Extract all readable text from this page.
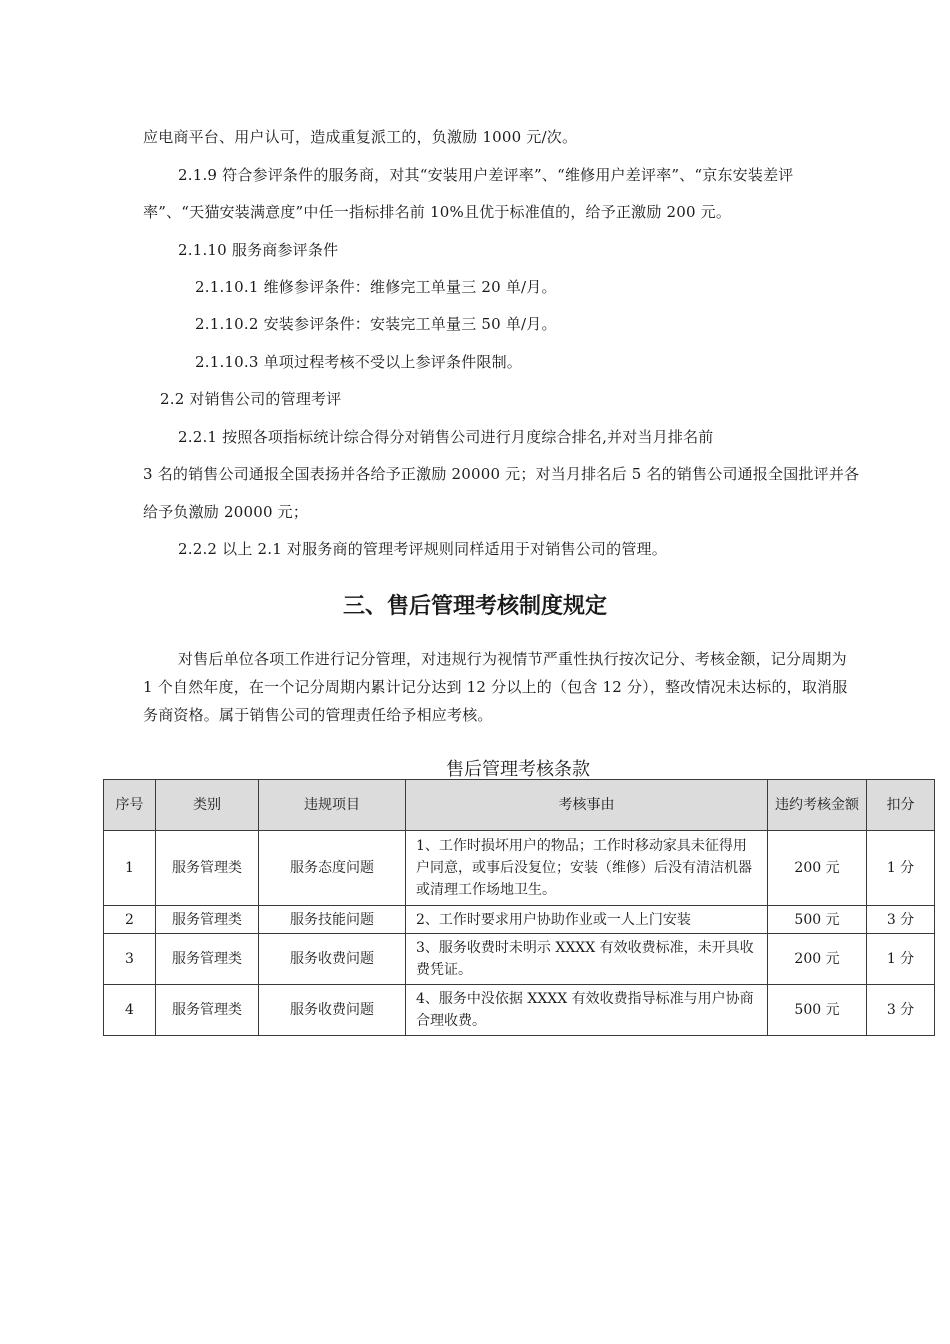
应电商平台、用户认可，造成重复派工的，负激励 1000 元/次。
2.1.9 符合参评条件的服务商，对其“安装用户差评率”、“维修用户差评率”、“京东安装差评
率”、“天猫安装满意度”中任一指标排名前 10%且优于标准值的，给予正激励 200 元。
2.1.10 服务商参评条件
2.1.10.1 维修参评条件：维修完工单量三 20 单/月。
2.1.10.2 安装参评条件：安装完工单量三 50 单/月。
2.1.10.3 单项过程考核不受以上参评条件限制。
2.2 对销售公司的管理考评
2.2.1 按照各项指标统计综合得分对销售公司进行月度综合排名,并对当月排名前
3 名的销售公司通报全国表扬并各给予正激励 20000 元；对当月排名后 5 名的销售公司通报全国批评并各
给予负激励 20000 元；
2.2.2 以上 2.1 对服务商的管理考评规则同样适用于对销售公司的管理。
三、售后管理考核制度规定
对售后单位各项工作进行记分管理，对违规行为视情节严重性执行按次记分、考核金额，记分周期为
1 个自然年度，在一个记分周期内累计记分达到 12 分以上的（包含 12 分），整改情况未达标的，取消服
务商资格。属于销售公司的管理责任给予相应考核。
售后管理考核条款
序号	类别	违规项目	考核事由	违约考核金额	扣分
1	服务管理类	服务态度问题	1、工作时损坏用户的物品；工作时移动家具未征得用户同意，或事后没复位；安装（维修）后没有清洁机器或清理工作场地卫生。	200 元	1 分
2	服务管理类	服务技能问题	2、工作时要求用户协助作业或一人上门安装	500 元	3 分
3	服务管理类	服务收费问题	3、服务收费时未明示 XXXX 有效收费标准，未开具收费凭证。	200 元	1 分
4	服务管理类	服务收费问题	4、服务中没依据 XXXX 有效收费指导标准与用户协商合理收费。	500 元	3 分
